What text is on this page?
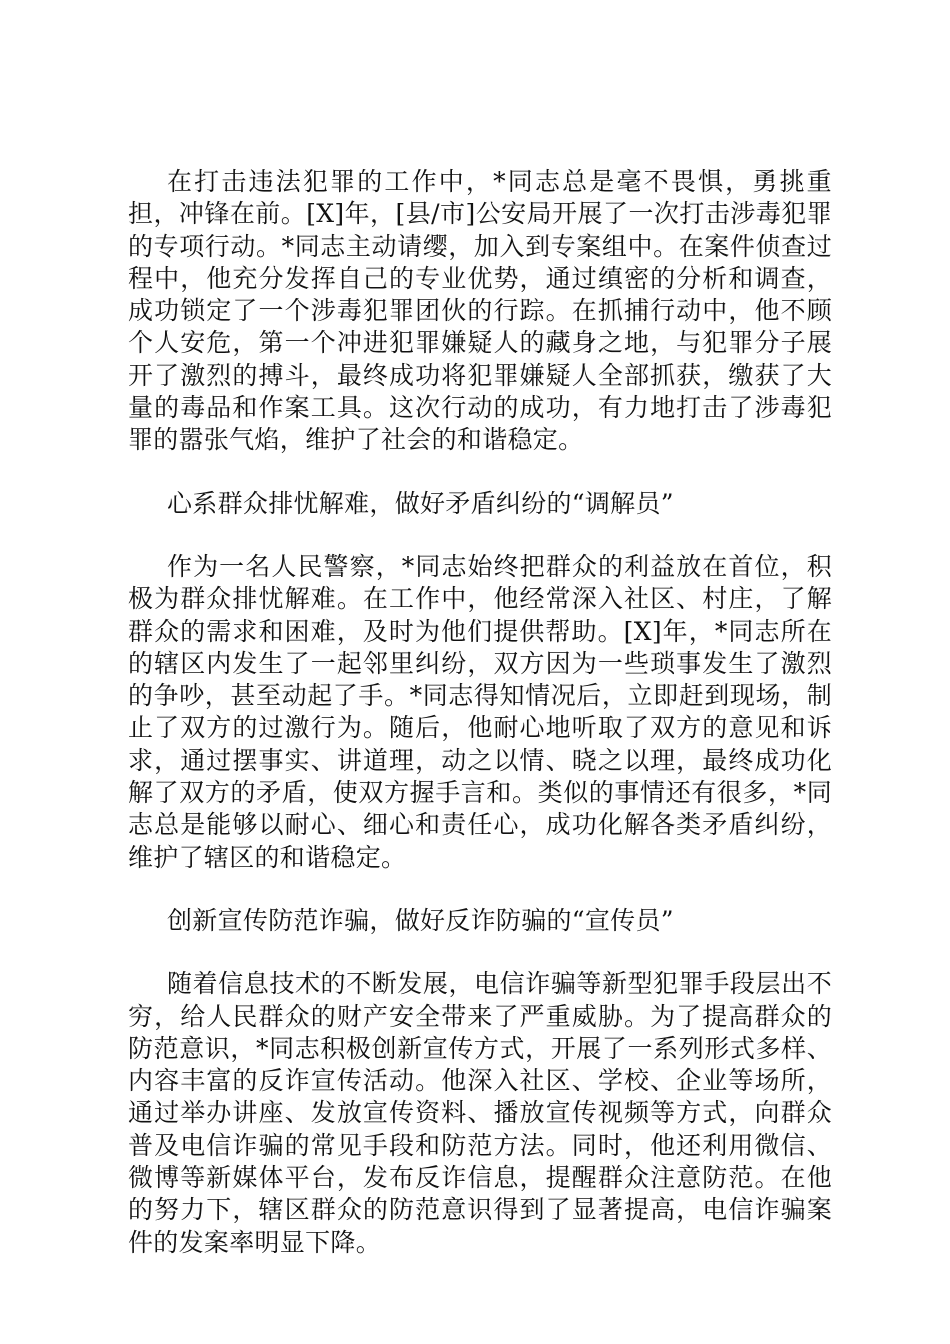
在打击违法犯罪的工作中，*同志总是毫不畏惧，勇挑重担，冲锋在前。[X]年，[县/市]公安局开展了一次打击涉毒犯罪的专项行动。*同志主动请缨，加入到专案组中。在案件侦查过程中，他充分发挥自己的专业优势，通过缜密的分析和调查，成功锁定了一个涉毒犯罪团伙的行踪。在抓捕行动中，他不顾个人安危，第一个冲进犯罪嫌疑人的藏身之地，与犯罪分子展开了激烈的搏斗，最终成功将犯罪嫌疑人全部抓获，缴获了大量的毒品和作案工具。这次行动的成功，有力地打击了涉毒犯罪的嚣张气焰，维护了社会的和谐稳定。

心系群众排忧解难，做好矛盾纠纷的“调解员”

作为一名人民警察，*同志始终把群众的利益放在首位，积极为群众排忧解难。在工作中，他经常深入社区、村庄，了解群众的需求和困难，及时为他们提供帮助。[X]年，*同志所在的辖区内发生了一起邻里纠纷，双方因为一些琐事发生了激烈的争吵，甚至动起了手。*同志得知情况后，立即赶到现场，制止了双方的过激行为。随后，他耐心地听取了双方的意见和诉求，通过摆事实、讲道理，动之以情、晓之以理，最终成功化解了双方的矛盾，使双方握手言和。类似的事情还有很多，*同志总是能够以耐心、细心和责任心，成功化解各类矛盾纠纷，维护了辖区的和谐稳定。

创新宣传防范诈骗，做好反诈防骗的“宣传员”

随着信息技术的不断发展，电信诈骗等新型犯罪手段层出不穷，给人民群众的财产安全带来了严重威胁。为了提高群众的防范意识，*同志积极创新宣传方式，开展了一系列形式多样、内容丰富的反诈宣传活动。他深入社区、学校、企业等场所，通过举办讲座、发放宣传资料、播放宣传视频等方式，向群众普及电信诈骗的常见手段和防范方法。同时，他还利用微信、微博等新媒体平台，发布反诈信息，提醒群众注意防范。在他的努力下，辖区群众的防范意识得到了显著提高，电信诈骗案件的发案率明显下降。
